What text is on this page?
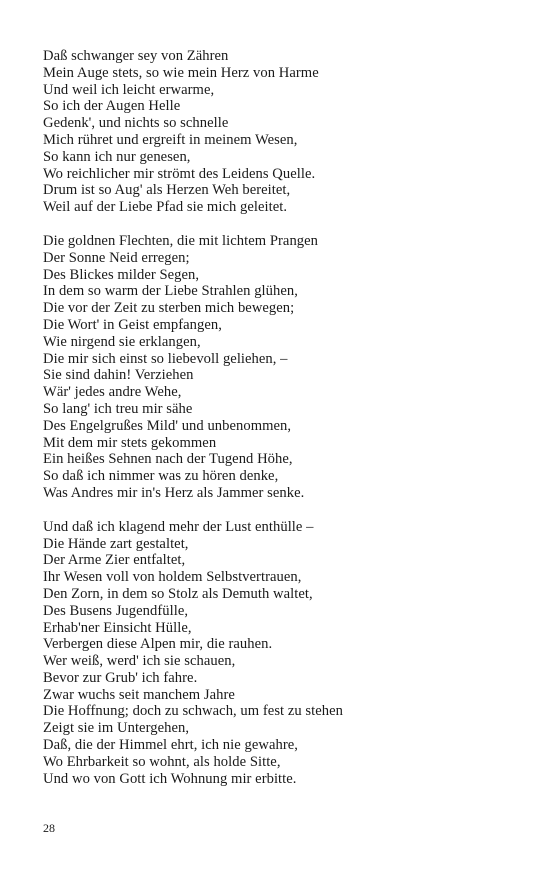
Daß schwanger sey von Zähren
Mein Auge stets, so wie mein Herz von Harme
Und weil ich leicht erwarme,
So ich der Augen Helle
Gedenk', und nichts so schnelle
Mich rühret und ergreift in meinem Wesen,
So kann ich nur genesen,
Wo reichlicher mir strömt des Leidens Quelle.
Drum ist so Aug' als Herzen Weh bereitet,
Weil auf der Liebe Pfad sie mich geleitet.
Die goldnen Flechten, die mit lichtem Prangen
Der Sonne Neid erregen;
Des Blickes milder Segen,
In dem so warm der Liebe Strahlen glühen,
Die vor der Zeit zu sterben mich bewegen;
Die Wort' in Geist empfangen,
Wie nirgend sie erklangen,
Die mir sich einst so liebevoll geliehen, –
Sie sind dahin! Verziehen
Wär' jedes andre Wehe,
So lang' ich treu mir sähe
Des Engelgrußes Mild' und unbenommen,
Mit dem mir stets gekommen
Ein heißes Sehnen nach der Tugend Höhe,
So daß ich nimmer was zu hören denke,
Was Andres mir in's Herz als Jammer senke.
Und daß ich klagend mehr der Lust enthülle –
Die Hände zart gestaltet,
Der Arme Zier entfaltet,
Ihr Wesen voll von holdem Selbstvertrauen,
Den Zorn, in dem so Stolz als Demuth waltet,
Des Busens Jugendfülle,
Erhab'ner Einsicht Hülle,
Verbergen diese Alpen mir, die rauhen.
Wer weiß, werd' ich sie schauen,
Bevor zur Grub' ich fahre.
Zwar wuchs seit manchem Jahre
Die Hoffnung; doch zu schwach, um fest zu stehen
Zeigt sie im Untergehen,
Daß, die der Himmel ehrt, ich nie gewahre,
Wo Ehrbarkeit so wohnt, als holde Sitte,
Und wo von Gott ich Wohnung mir erbitte.
28
